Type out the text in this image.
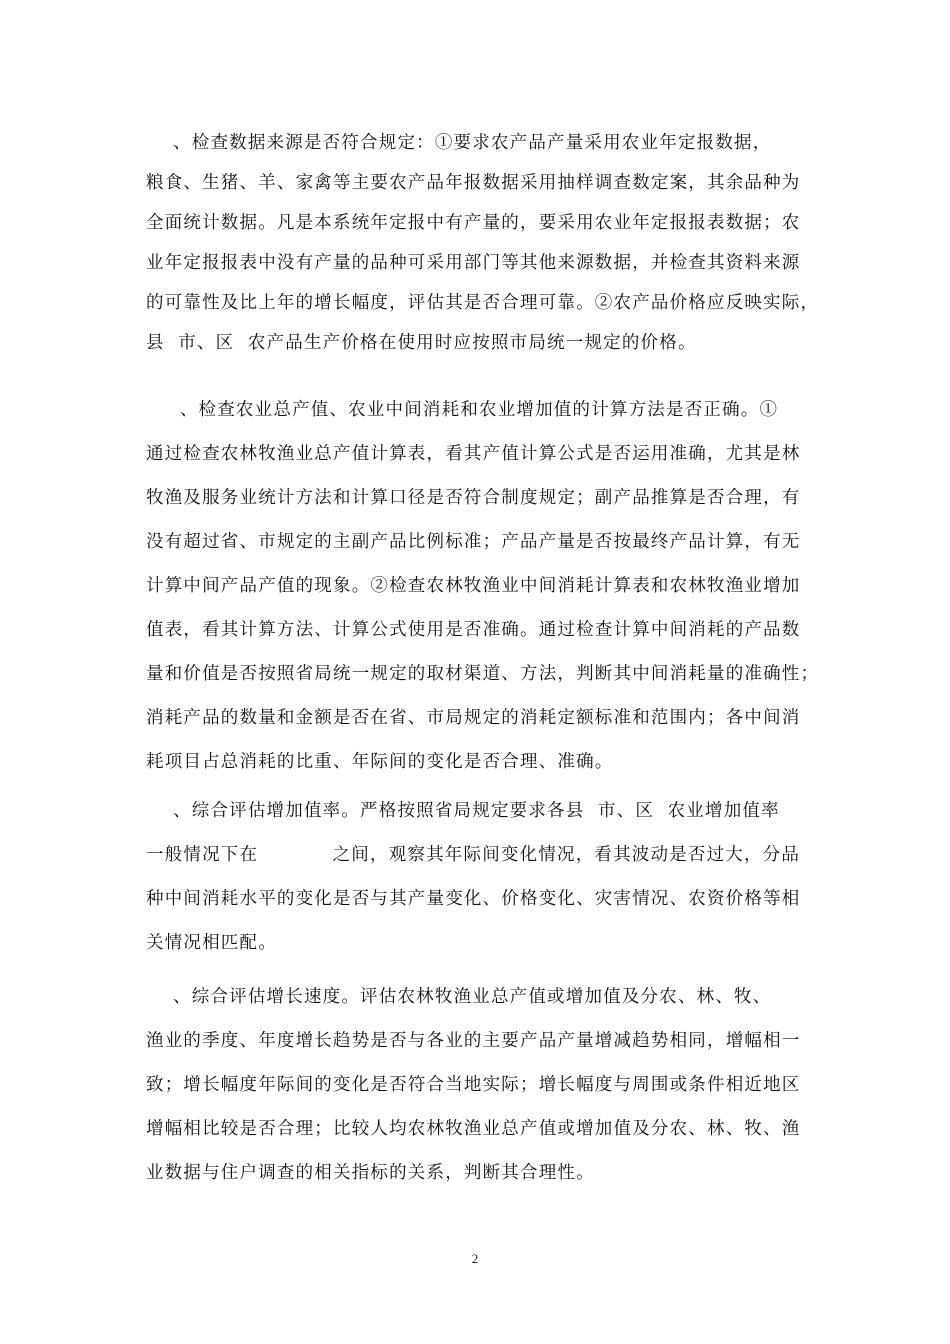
、检查数据来源是否符合规定：①要求农产品产量采用农业年定报数据，
粮食、生猪、羊、家禽等主要农产品年报数据采用抽样调查数定案，其余品种为
全面统计数据。凡是本系统年定报中有产量的，要采用农业年定报报表数据；农
业年定报报表中没有产量的品种可采用部门等其他来源数据，并检查其资料来源
的可靠性及比上年的增长幅度，评估其是否合理可靠。②农产品价格应反映实际，
县  市、区  农产品生产价格在使用时应按照市局统一规定的价格。
、检查农业总产值、农业中间消耗和农业增加值的计算方法是否正确。①
通过检查农林牧渔业总产值计算表，看其产值计算公式是否运用准确，尤其是林
牧渔及服务业统计方法和计算口径是否符合制度规定；副产品推算是否合理，有
没有超过省、市规定的主副产品比例标准；产品产量是否按最终产品计算，有无
计算中间产品产值的现象。②检查农林牧渔业中间消耗计算表和农林牧渔业增加
值表，看其计算方法、计算公式使用是否准确。通过检查计算中间消耗的产品数
量和价值是否按照省局统一规定的取材渠道、方法，判断其中间消耗量的准确性；
消耗产品的数量和金额是否在省、市局规定的消耗定额标准和范围内；各中间消
耗项目占总消耗的比重、年际间的变化是否合理、准确。
、综合评估增加值率。严格按照省局规定要求各县  市、区  农业增加值率
一般情况下在           之间，观察其年际间变化情况，看其波动是否过大，分品
种中间消耗水平的变化是否与其产量变化、价格变化、灾害情况、农资价格等相
关情况相匹配。
、综合评估增长速度。评估农林牧渔业总产值或增加值及分农、林、牧、
渔业的季度、年度增长趋势是否与各业的主要产品产量增减趋势相同，增幅相一
致；增长幅度年际间的变化是否符合当地实际；增长幅度与周围或条件相近地区
增幅相比较是否合理；比较人均农林牧渔业总产值或增加值及分农、林、牧、渔
业数据与住户调查的相关指标的关系，判断其合理性。
2
